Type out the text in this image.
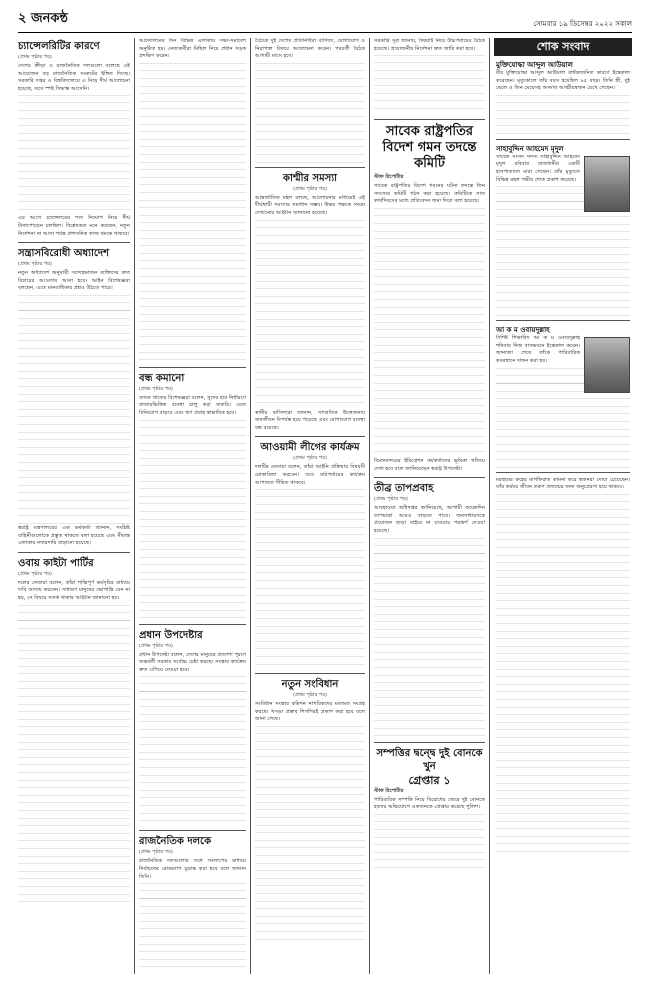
২ জনকন্ঠ	সোমবার ১৯ ডিসেম্বর ২০২২ সকাল
চ্যান্সেলরিটির কারণে
(প্রথম পৃষ্ঠার পর)

দেশের ক্রীড়া ও রাজনৈতিক দলগুলো বলেছে এই আয়োজন বড় রাজনৈতিক সংকটের ইঙ্গিত দিচ্ছে। সরকারি দপ্তর ও বিশ্ববিদ্যালয়ে এ নিয়ে দীর্ঘ আলোচনা হয়েছে, তবে স্পষ্ট সিদ্ধান্ত আসেনি।

এর আগে চ্যান্সেলরের পদে নিয়োগ নিয়ে দীর্ঘ টানাপোড়েন চলছিল। বিশ্লেষকরা মনে করছেন, নতুন নির্দেশনা না আসা পর্যন্ত প্রশাসনিক কাজ থমকে থাকবে।

সন্ত্রাসবিরোধী অধ্যাদেশ
(প্রথম পৃষ্ঠার পর)

নতুন অধ্যাদেশ অনুযায়ী সন্দেহভাজন ব্যক্তিদের দ্রুত বিচারের আওতায় আনা হবে। আইন বিশেষজ্ঞরা বলছেন, এতে মানবাধিকার প্রশ্নও উঠতে পারে।

স্বরাষ্ট্র মন্ত্রণালয়ের এক কর্মকর্তা জানান, সংশ্লিষ্ট বাহিনীগুলোকে প্রস্তুত থাকতে বলা হয়েছে এবং সীমান্ত এলাকায় নজরদারি বাড়ানো হয়েছে।

ওবায় কাইটা পার্টির
(প্রথম পৃষ্ঠার পর)

দলের নেতারা বলেন, তাঁরা শান্তিপূর্ণ কর্মসূচির মাধ্যমে দাবি আদায় করবেন। সাধারণ মানুষের ভোগান্তি যেন না হয়, সে বিষয়ে সতর্ক থাকার আহ্বান জানানো হয়।

আন্দোলনের দিন বিভিন্ন এলাকায় সভা-সমাবেশ অনুষ্ঠিত হয়। নেতাকর্মীরা মিছিল নিয়ে প্রধান সড়ক প্রদক্ষিণ করেন।

বন্ধ কমানো
(প্রথম পৃষ্ঠার পর)

ব্যাংক খাতের বিশেষজ্ঞরা বলেন, সুদের হার নির্ধারণে বাজারভিত্তিক ব্যবস্থা চালু করা জরুরি। এতে বিনিয়োগ বাড়বে এবং ঋণ প্রবাহ স্বাভাবিক হবে।

প্রধান উপদেষ্টার
(প্রথম পৃষ্ঠার পর)

প্রধান উপদেষ্টা বলেন, দেশের মানুষের প্রত্যাশা পূরণে অন্তর্বর্তী সরকার সর্বোচ্চ চেষ্টা করছে। সংস্কার কার্যক্রম দ্রুত এগিয়ে নেওয়া হবে।

রাজনৈতিক দলকে
(প্রথম পৃষ্ঠার পর)

রাজনৈতিক দলগুলোর সঙ্গে সংলাপের মাধ্যমে নির্বাচনের রোডম্যাপ চূড়ান্ত করা হবে বলে জানান তিনি।

বৈঠকে দুই দেশের প্রতিনিধিরা বাণিজ্য, যোগাযোগ ও নিরাপত্তা বিষয়ে আলোচনা করেন। পরবর্তী বৈঠক আগামী মাসে হবে।

কাশ্মীর সমস্যা
(প্রথম পৃষ্ঠার পর)

আন্তর্জাতিক মহল বলছে, আলোচনার মাধ্যমেই এই দীর্ঘস্থায়ী সমস্যার সমাধান সম্ভব। উভয় পক্ষকে সংযম দেখানোর আহ্বান জানানো হয়েছে।

স্থানীয় বাসিন্দারা জানান, সাম্প্রতিক উত্তেজনায় জনজীবন বিপর্যস্ত হয়ে পড়েছে এবং যোগাযোগ ব্যবস্থা বন্ধ রয়েছে।

আওয়ামী লীগের কার্যক্রম
(প্রথম পৃষ্ঠার পর)

দলটির নেতারা বলেন, তাঁরা আইনি প্রক্রিয়ায় বিষয়টি মোকাবিলা করবেন। তবে মাঠপর্যায়ের কার্যক্রম আপাতত সীমিত থাকবে।

নতুন সংবিধান
(প্রথম পৃষ্ঠার পর)

সংবিধান সংস্কার কমিশন নাগরিকদের মতামত সংগ্রহ করছে। খসড়া প্রস্তাব শিগগিরই প্রকাশ করা হবে বলে জানা গেছে।

সরকারি সূত্র জানায়, বিষয়টি নিয়ে উচ্চপর্যায়ের বৈঠক হয়েছে। প্রয়োজনীয় নির্দেশনা দ্রুত জারি করা হবে।

সাবেক রাষ্ট্রপতির বিদেশ গমন তদন্তে কমিটি
স্টাফ রিপোর্টার

সাবেক রাষ্ট্রপতির বিদেশ গমনের ঘটনা তদন্তে তিন সদস্যের কমিটি গঠন করা হয়েছে। কমিটিকে সাত কার্যদিবসের মধ্যে প্রতিবেদন জমা দিতে বলা হয়েছে।

বিমানবন্দরের ইমিগ্রেশন কর্মকর্তাদের ভূমিকা খতিয়ে দেখা হবে বলে জানিয়েছেন স্বরাষ্ট্র উপদেষ্টা।

তীব্র তাপপ্রবাহ
(প্রথম পৃষ্ঠার পর)

আবহাওয়া অধিদপ্তর জানিয়েছে, আগামী কয়েকদিন তাপমাত্রা আরও বাড়তে পারে। জনসাধারণকে প্রয়োজন ছাড়া বাইরে না যাওয়ার পরামর্শ দেওয়া হয়েছে।

সম্পত্তির দ্বন্দ্বে দুই বোনকে খুন
গ্রেপ্তার ১
স্টাফ রিপোর্টার

পারিবারিক সম্পত্তি নিয়ে বিরোধের জেরে দুই বোনকে হত্যার অভিযোগে একজনকে গ্রেপ্তার করেছে পুলিশ।

শোক সংবাদ
মুক্তিযোদ্ধা আব্দুল আউয়াল

বীর মুক্তিযোদ্ধা আব্দুল আউয়াল বার্ধক্যজনিত কারণে ইন্তেকাল করেছেন। মৃত্যুকালে তাঁর বয়স হয়েছিল ৮৫ বছর। তিনি স্ত্রী, দুই ছেলে ও তিন মেয়েসহ অসংখ্য আত্মীয়স্বজন রেখে গেছেন।

সাহাবুদ্দিন আহমেদ মৃদুল

সাবেক সংসদ সদস্য সাহাবুদ্দিন আহমেদ মৃদুল রবিবার রাজধানীর একটি হাসপাতালে মারা গেছেন। তাঁর মৃত্যুতে বিভিন্ন মহল গভীর শোক প্রকাশ করেছে।

আ ক ম ওবায়দুল্লাহ

বিশিষ্ট শিক্ষাবিদ আ ক ম ওবায়দুল্লাহ শনিবার নিজ বাসভবনে ইন্তেকাল করেন। জানাজা শেষে তাঁকে পারিবারিক কবরস্থানে দাফন করা হয়।

মরহুমের রুহের মাগফিরাত কামনা করে স্বজনরা দোয়া চেয়েছেন। তাঁর কর্মময় জীবন তরুণ প্রজন্মের জন্য অনুপ্রেরণা হয়ে থাকবে।
